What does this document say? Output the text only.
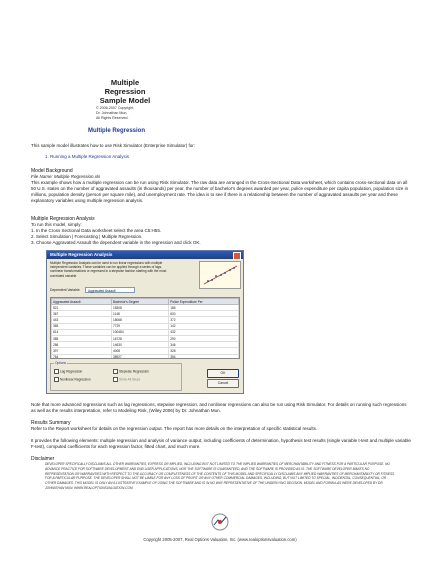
Multiple

Regression

Sample Model

© 2006-2007 Copyright,
Dr. Johnathan Mun,
All Rights Reserved.
Multiple Regression
This sample model illustrates how to use Risk Simulator (Enterprise Simulator) for:
1. Running a Multiple Regression Analysis
Model Background
File Name: Multiple Regression.xls
This example shows how a multiple regression can be run using Risk Simulator. The raw data are arranged in the Cross-Sectional Data worksheet, which contains cross-sectional data on all 50 U.S. states on the number of aggravated assaults (in thousands) per year, the number of bachelor's degrees awarded per year, police expenditure per capita population, population size in millions, population density (person per square mile), and unemployment rate. The idea is to see if there is a relationship between the number of aggravated assaults per year and these explanatory variables using multiple regression analysis.
Multiple Regression Analysis
To run this model, simply:
1. In the Cross Sectional Data worksheet select the area C5:H55.
2. Select Simulation | Forecasting | Multiple Regression.
3. Choose Aggravated Assault the dependent variable in the regression and click OK.
Multiple Regression Analysis
Multiple Regression Analysis can be used to run linear regressions with multiple independent variables. These variables can be applied through a series of lags, nonlinear transformations or regressed in a stepwise fashion starting with the most correlated variable.
Dependent Variable	Aggravated Assault
Aggravated Assault	Bachelor's Degree	Police Expenditure Per
521	18308	185
367	1148	600
443	18068	372
365	7729	142
614	100484	432
385	16728	290
286	14630	346
397	4008	328
764	38927	354
Options
Lag Regression	Stepwise Regression
Nonlinear Regression	Show All Steps
OK
Cancel
Note that more advanced regressions such as lag regressions, stepwise regression, and nonlinear regressions can also be run using Risk Simulator. For details on running such regressions as well as the results interpretation, refer to Modeling Risk, (Wiley 2006) by Dr. Johnathan Mun.
Results Summary
Refer to the Report worksheet for details on the regression output. The report has more details on the interpretation of specific statistical results.
It provides the following elements: multiple regression and analysis of variance output, including coefficients of determination, hypothesis test results (single variable t-test and multiple variable F-test), computed coefficients for each regression factor, fitted chart, and much more.
Disclaimer
DEVELOPER SPECIFICALLY DISCLAIMS ALL OTHER WARRANTIES, EXPRESS OR IMPLIED, INCLUDING BUT NOT LIMITED TO THE IMPLIED WARRANTIES OF MERCHANTABILITY AND FITNESS FOR A PARTICULAR PURPOSE. NO ADVANCE PRACTICE FOR SOFTWARE DEVELOPMENT AND END-USER APPLICATIONS, NOR THE SOFTWARE IS GUARANTEED, AND THE SOFTWARE IS PROVIDED AS IS. THE SOFTWARE DEVELOPER MAKES NO REPRESENTATION OR WARRANTIES WITH RESPECT TO THE ACCURACY OR COMPLETENESS OF THE CONTENTS OF THIS MODEL AND SPECIFICALLY DISCLAIMS ANY IMPLIED WARRANTIES OF MERCHANTABILITY OR FITNESS FOR A PARTICULAR PURPOSE. THE DEVELOPER SHALL NOT BE LIABLE FOR ANY LOSS OF PROFIT OR ANY OTHER COMMERCIAL DAMAGES, INCLUDING, BUT NOT LIMITED TO SPECIAL, INCIDENTAL, CONSEQUENTIAL, OR OTHER DAMAGES. THIS MODEL IS ONLY AN ILLUSTRATIVE EXAMPLE OF USING THE SOFTWARE AND IS IN NO WAY REPRESENTATIVE OF THE UNDERLYING DECISION. MODEL AND FORMULAS WERE DEVELOPED BY DR. JOHNATHAN MUN. WWW.REALOPTIONSVALUATION.COM
Copyright 2005-2007, Real Options Valuation, Inc. (www.realoptionsvaluation.com)
